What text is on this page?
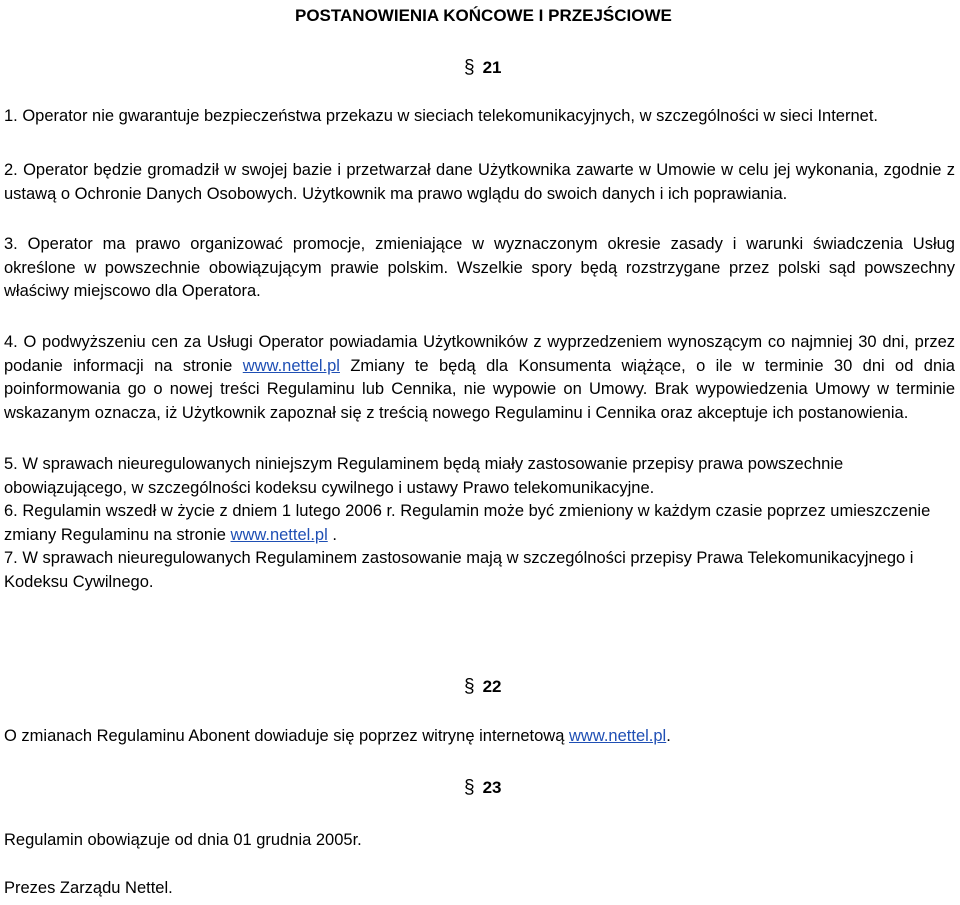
POSTANOWIENIA KOŃCOWE I PRZEJŚCIOWE
§ 21

1. Operator nie gwarantuje bezpieczeństwa przekazu w sieciach telekomunikacyjnych, w szczególności w sieci Internet.

2. Operator będzie gromadził w swojej bazie i przetwarzał dane Użytkownika zawarte w Umowie w celu jej wykonania, zgodnie z ustawą o Ochronie Danych Osobowych. Użytkownik ma prawo wglądu do swoich danych i ich poprawiania.

3. Operator ma prawo organizować promocje, zmieniające w wyznaczonym okresie zasady i warunki świadczenia Usług określone w powszechnie obowiązującym prawie polskim. Wszelkie spory będą rozstrzygane przez polski sąd powszechny właściwy miejscowo dla Operatora.

4. O podwyższeniu cen za Usługi Operator powiadamia Użytkowników z wyprzedzeniem wynoszącym co najmniej 30 dni, przez podanie informacji na stronie www.nettel.pl Zmiany te będą dla Konsumenta wiążące, o ile w terminie 30 dni od dnia poinformowania go o nowej treści Regulaminu lub Cennika, nie wypowie on Umowy. Brak wypowiedzenia Umowy w terminie wskazanym oznacza, iż Użytkownik zapoznał się z treścią nowego Regulaminu i Cennika oraz akceptuje ich postanowienia.

5. W sprawach nieuregulowanych niniejszym Regulaminem będą miały zastosowanie przepisy prawa powszechnie obowiązującego, w szczególności kodeksu cywilnego i ustawy Prawo telekomunikacyjne.

6. Regulamin wszedł w życie z dniem 1 lutego 2006 r. Regulamin może być zmieniony w każdym czasie poprzez umieszczenie zmiany Regulaminu na stronie www.nettel.pl .

7. W sprawach nieuregulowanych Regulaminem zastosowanie mają w szczególności przepisy Prawa Telekomunikacyjnego i Kodeksu Cywilnego.

§ 22

O zmianach Regulaminu Abonent dowiaduje się poprzez witrynę internetową www.nettel.pl.

§ 23

Regulamin obowiązuje od dnia 01 grudnia 2005r.

Prezes Zarządu Nettel.
